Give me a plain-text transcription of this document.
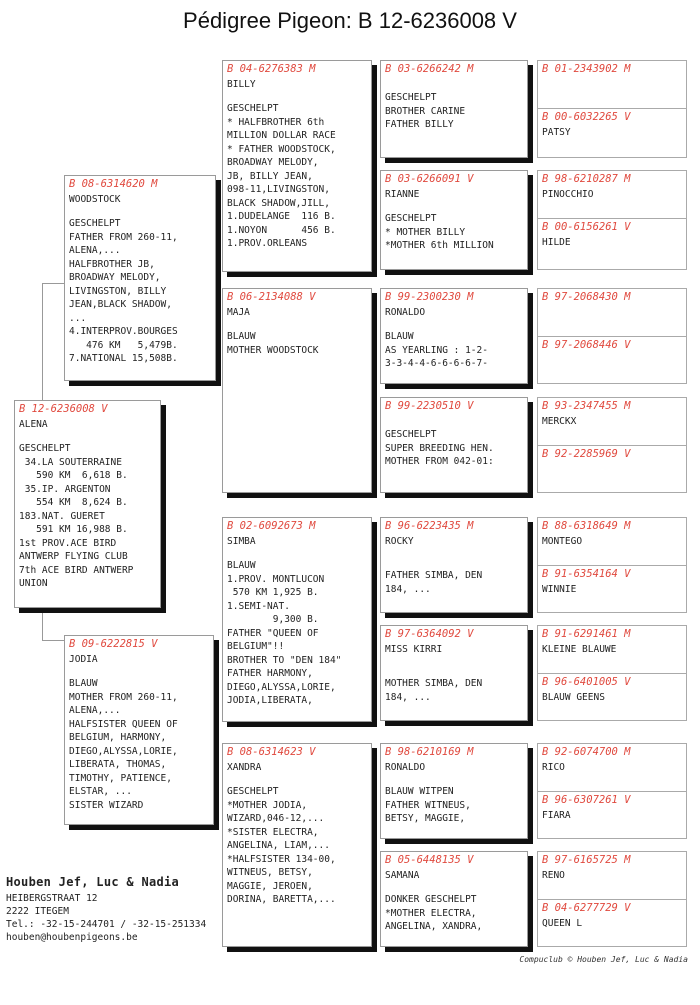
Pédigree Pigeon: B 12-6236008 V
B 12-6236008 V
ALENA
GESCHELPT
34.LA SOUTERRAINE
590 KM  6,618 B.
35.IP. ARGENTON
554 KM  8,624 B.
183.NAT. GUERET
591 KM 16,988 B.
1st PROV.ACE BIRD
ANTWERP FLYING CLUB
7th ACE BIRD ANTWERP
UNION
B 08-6314620 M
WOODSTOCK
GESCHELPT
FATHER FROM 260-11,
ALENA,...
HALFBROTHER JB,
BROADWAY MELODY,
LIVINGSTON, BILLY
JEAN,BLACK SHADOW,
...
4.INTERPROV.BOURGES
476 KM   5,479B.
7.NATIONAL 15,508B.
B 09-6222815 V
JODIA
BLAUW
MOTHER FROM 260-11,
ALENA,...
HALFSISTER QUEEN OF
BELGIUM, HARMONY,
DIEGO,ALYSSA,LORIE,
LIBERATA, THOMAS,
TIMOTHY, PATIENCE,
ELSTAR, ...
SISTER WIZARD
B 04-6276383 M
BILLY
GESCHELPT
* HALFBROTHER 6th
MILLION DOLLAR RACE
* FATHER WOODSTOCK,
BROADWAY MELODY,
JB, BILLY JEAN,
098-11,LIVINGSTON,
BLACK SHADOW,JILL,
1.DUDELANGE  116 B.
1.NOYON      456 B.
1.PROV.ORLEANS
B 06-2134088 V
MAJA
BLAUW
MOTHER WOODSTOCK
B 02-6092673 M
SIMBA
BLAUW
1.PROV. MONTLUCON
570 KM 1,925 B.
1.SEMI-NAT.
9,300 B.
FATHER "QUEEN OF
BELGIUM"!!
BROTHER TO "DEN 184"
FATHER HARMONY,
DIEGO,ALYSSA,LORIE,
JODIA,LIBERATA,
B 08-6314623 V
XANDRA
GESCHELPT
*MOTHER JODIA,
WIZARD,046-12,...
*SISTER ELECTRA,
ANGELINA, LIAM,...
*HALFSISTER 134-00,
WITNEUS, BETSY,
MAGGIE, JEROEN,
DORINA, BARETTA,...
B 03-6266242 M
GESCHELPT
BROTHER CARINE
FATHER BILLY
B 03-6266091 V
RIANNE
GESCHELPT
* MOTHER BILLY
*MOTHER 6th MILLION
B 99-2300230 M
RONALDO
BLAUW
AS YEARLING : 1-2-
3-3-4-4-6-6-6-6-7-
B 99-2230510 V
GESCHELPT
SUPER BREEDING HEN.
MOTHER FROM 042-01:
B 96-6223435 M
ROCKY
FATHER SIMBA, DEN
184, ...
B 97-6364092 V
MISS KIRRI
MOTHER SIMBA, DEN
184, ...
B 98-6210169 M
RONALDO
BLAUW WITPEN
FATHER WITNEUS,
BETSY, MAGGIE,
B 05-6448135 V
SAMANA
DONKER GESCHELPT
*MOTHER ELECTRA,
ANGELINA, XANDRA,
B 01-2343902 M
B 00-6032265 V
PATSY
B 98-6210287 M
PINOCCHIO
B 00-6156261 V
HILDE
B 97-2068430 M
B 97-2068446 V
B 93-2347455 M
MERCKX
B 92-2285969 V
B 88-6318649 M
MONTEGO
B 91-6354164 V
WINNIE
B 91-6291461 M
KLEINE BLAUWE
B 96-6401005 V
BLAUW GEENS
B 92-6074700 M
RICO
B 96-6307261 V
FIARA
B 97-6165725 M
RENO
B 04-6277729 V
QUEEN L
Houben Jef, Luc & Nadia
HEIBERGSTRAAT 12
2222 ITEGEM
Tel.: -32-15-244701 / -32-15-251334
houben@houbenpigeons.be
Compuclub © Houben Jef, Luc & Nadia
